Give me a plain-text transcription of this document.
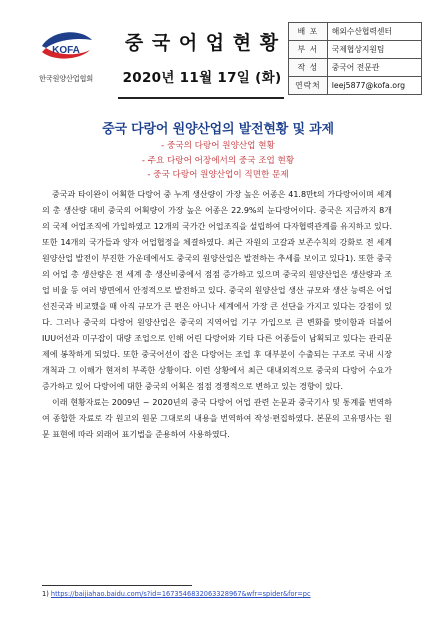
KOFA
한국원양산업협회
중 국 어 업 현 황
2020년 11월 17일 (화)
배 포	해외수산협력센터
부 서	국제협상지원팀
작 성	중국어 전문관
연락처	leej5877@kofa.org
중국 다랑어 원양산업의 발전현황 및 과제
- 중국의 다랑어 원양산업 현황
- 주요 다랑어 어장에서의 중국 조업 현황
- 중국 다랑어 원양산업이 직면한 문제

중국과 타이완이 어획한 다랑어 중 누계 생산량이 가장 높은 어종은 41.8만t의 가다랑어이며 세계의 총 생산량 대비 중국의 어획량이 가장 높은 어종은 22.9%의 눈다랑어이다. 중국은 지금까지 8개의 국제 어업조직에 가입하였고 12개의 국가간 어업조직을 설립하여 다자협력관계를 유지하고 있다. 또한 14개의 국가들과 양자 어업협정을 체결하였다. 최근 자원의 고갈과 보존수칙의 강화로 전 세계 원양산업 발전이 부진한 가운데에서도 중국의 원양산업은 발전하는 추세를 보이고 있다1). 또한 중국의 어업 총 생산량은 전 세계 총 생산비중에서 점점 증가하고 있으며 중국의 원양산업은 생산량과 조업 비율 등 여러 방면에서 안정적으로 발전하고 있다. 중국의 원양산업 생산 규모와 생산 능력은 어업선진국과 비교했을 때 아직 규모가 큰 편은 아니나 세계에서 가장 큰 선단을 가지고 있다는 강점이 있다. 그러나 중국의 다랑어 원양산업은 중국의 지역어업 기구 가입으로 큰 변화를 맞이함과 더불어 IUU어선과 미구잡이 대량 조업으로 인해 어린 다랑어와 기타 다른 어종들이 남획되고 있다는 관리문제에 봉착하게 되었다. 또한 중국어선이 잡은 다랑어는 조업 후 대부분이 수출되는 구조로 국내 시장 개척과 그 이해가 현저히 부족한 상황이다. 이런 상황에서 최근 대내외적으로 중국의 다랑어 수요가 증가하고 있어 다랑어에 대한 중국의 어획은 점점 경쟁적으로 변하고 있는 경향이 있다.

이래 현황자료는 2009년 ~ 2020년의 중국 다랑어 어업 관련 논문과 중국기사 및 통계를 번역하여 종합한 자료로 각 원고의 원문 그대로의 내용을 번역하여 작성·편집하였다. 본문의 고유명사는 원문 표현에 따라 외래어 표기법을 준용하여 사용하였다.

1) https://baijiahao.baidu.com/s?id=1673546832063328967&wfr=spider&for=pc
